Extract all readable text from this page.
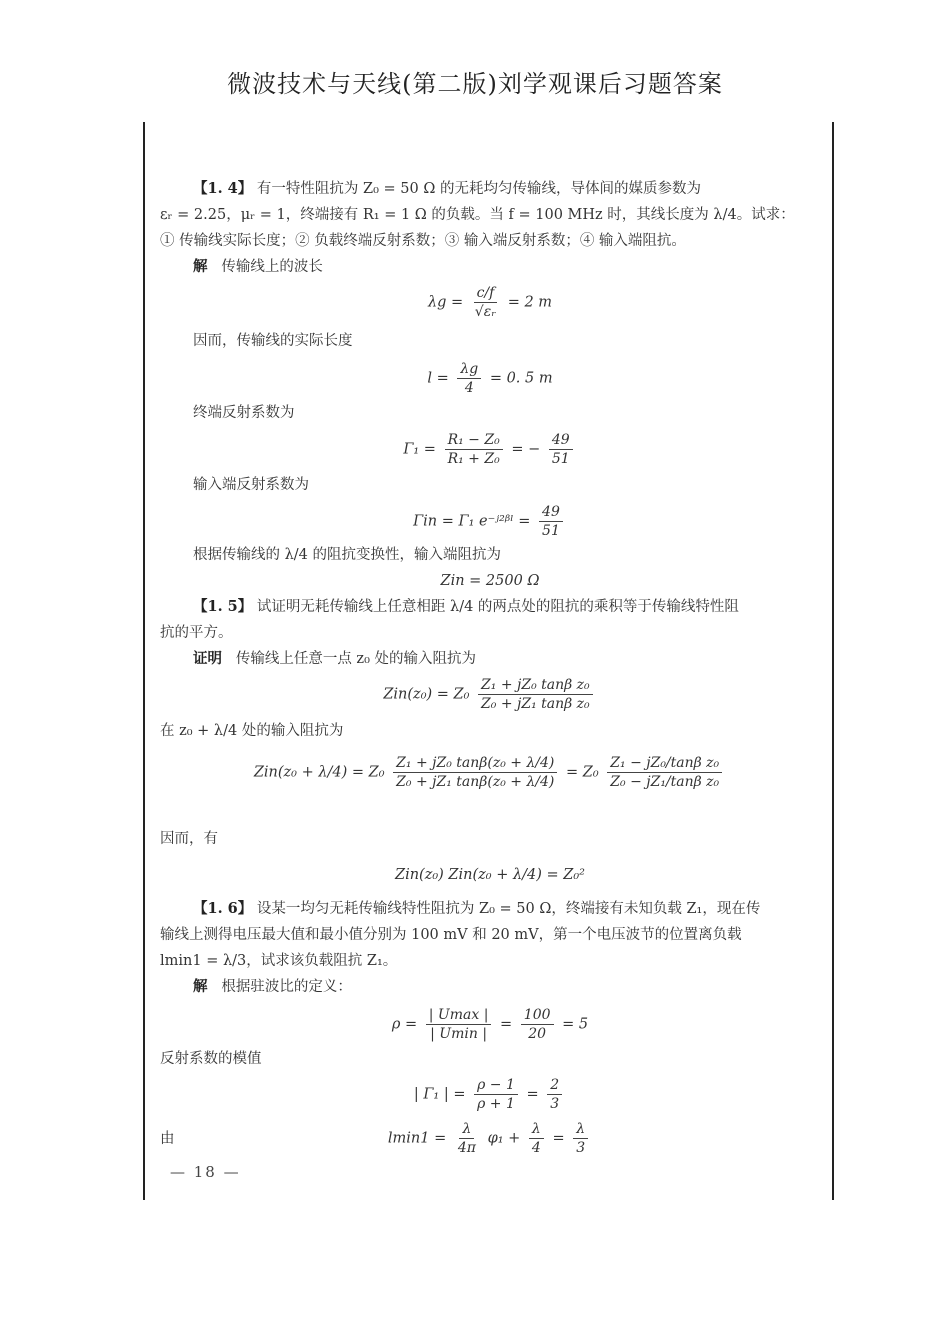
微波技术与天线(第二版)刘学观课后习题答案
【1. 4】 有一特性阻抗为 Z₀ = 50 Ω 的无耗均匀传输线，导体间的媒质参数为
εᵣ = 2.25，μᵣ = 1，终端接有 R₁ = 1 Ω 的负载。当 f = 100 MHz 时，其线长度为 λ/4。试求：
① 传输线实际长度；② 负载终端反射系数；③ 输入端反射系数；④ 输入端阻抗。
解 传输线上的波长
$\lambda g = \frac{c/f}{\text{√εᵣ}} = 2$ m
因而，传输线的实际长度
$l = \frac{\lambda g}{4} = 0$. 5 m
终端反射系数为
$\Gamma_1 = \frac{\text{R₁ − Z₀}}{\text{R₁ + Z₀}}$ = − $\frac{49}{51}$
输入端反射系数为
Γin = Γ₁ e⁻ʲ²ᵝˡ = $\frac{49}{51}$
根据传输线的 λ/4 的阻抗变换性，输入端阻抗为
Zin = 2500 Ω
【1. 5】 试证明无耗传输线上任意相距 λ/4 的两点处的阻抗的乘积等于传输线特性阻
抗的平方。
证明 传输线上任意一点 z₀ 处的输入阻抗为
$Zin(z_0) = Z_0 \frac{\text{Z₁ + jZ₀ tanβ z₀}}{\text{Z₀ + jZ₁ tanβ z₀}}$
在 z₀ + λ/4 处的输入阻抗为
$Zin(z_0 + \lambda/4) = Z_0 \frac{\text{Z₁ + jZ₀ tanβ(z₀ + λ/4)}}{\text{Z₀ + jZ₁ tanβ(z₀ + λ/4)}} = Z_0 \frac{\text{Z₁ − jZ₀/tanβ z₀}}{\text{Z₀ − jZ₁/tanβ z₀}}$
因而，有
Zin(z₀) Zin(z₀ + λ/4) = Z₀²
【1. 6】 设某一均匀无耗传输线特性阻抗为 Z₀ = 50 Ω，终端接有未知负载 Z₁，现在传
输线上测得电压最大值和最小值分别为 100 mV 和 20 mV，第一个电压波节的位置离负载
lmin1 = λ/3，试求该负载阻抗 Z₁。
解 根据驻波比的定义：
$\rho = \frac{| Umax |}{| Umin |} = \frac{100}{20} = 5$
反射系数的模值
| Γ₁ | = $\frac{\rho - 1}{\rho + 1} = \frac{2}{3}$
由	$lmin1 = \frac{\lambda}{4\pi} \varphi_1 + \frac{\lambda}{4} = \frac{\lambda}{3}$
— 18 —
